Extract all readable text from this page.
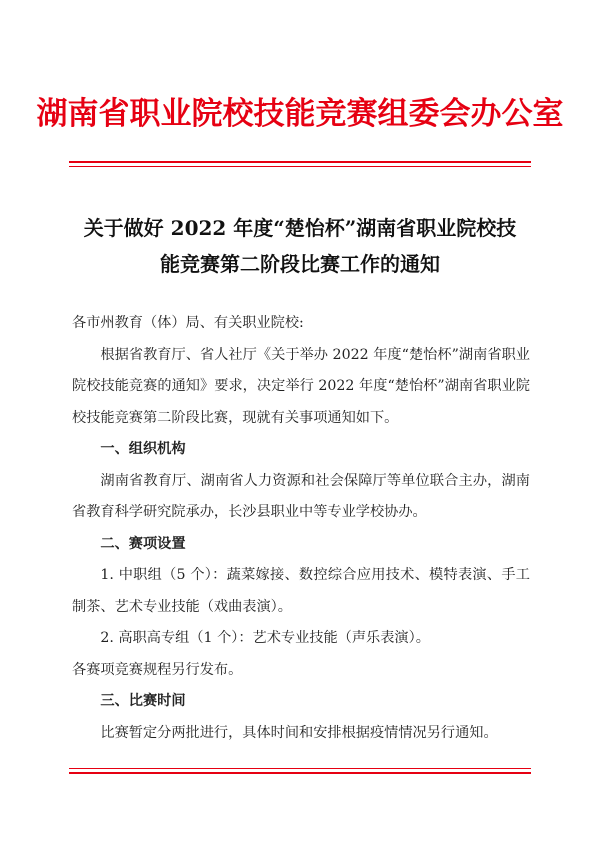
湖南省职业院校技能竞赛组委会办公室
关于做好 2022 年度“楚怡杯”湖南省职业院校技
能竞赛第二阶段比赛工作的通知

各市州教育（体）局、有关职业院校:

根据省教育厅、省人社厅《关于举办 2022 年度“楚怡杯”湖南省职业院校技能竞赛的通知》要求，决定举行 2022 年度“楚怡杯”湖南省职业院校技能竞赛第二阶段比赛，现就有关事项通知如下。

一、组织机构

湖南省教育厅、湖南省人力资源和社会保障厅等单位联合主办，湖南省教育科学研究院承办，长沙县职业中等专业学校协办。

二、赛项设置

1. 中职组（5 个）：蔬菜嫁接、数控综合应用技术、模特表演、手工制茶、艺术专业技能（戏曲表演）。

2. 高职高专组（1 个）：艺术专业技能（声乐表演）。

各赛项竞赛规程另行发布。

三、比赛时间

比赛暂定分两批进行，具体时间和安排根据疫情情况另行通知。
